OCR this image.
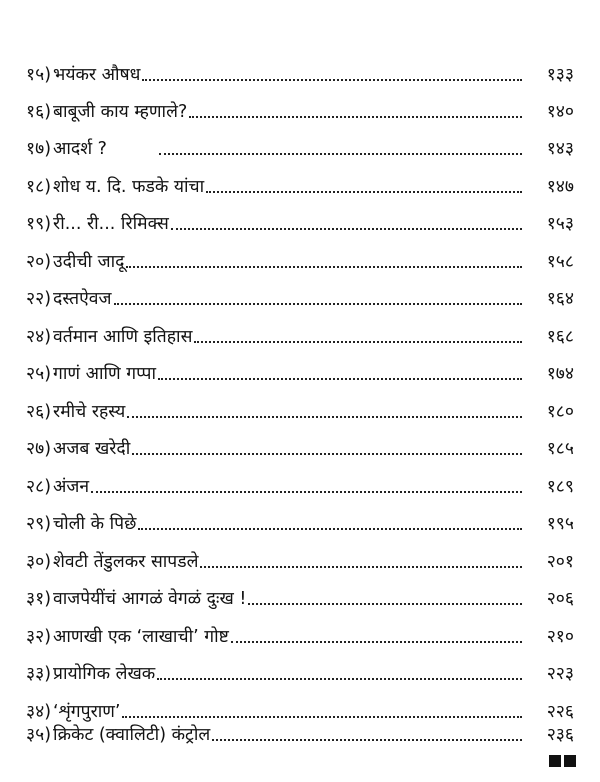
१५) भयंकर औषध	१३३
१६) बाबूजी काय म्हणाले?	१४०
१७) आदर्श ?	१४३
१८) शोध य. दि. फडके यांचा	१४७
१९) री... री... रिमिक्स	१५३
२०) उदीची जादू	१५८
२२) दस्तऐवज	१६४
२४) वर्तमान आणि इतिहास	१६८
२५) गाणं आणि गप्पा	१७४
२६) रमीचे रहस्य	१८०
२७) अजब खरेदी	१८५
२८) अंजन	१८९
२९) चोली के पिछे	१९५
३०) शेवटी तेंडुलकर सापडले	२०१
३१) वाजपेयींचं आगळं वेगळं दुःख !	२०६
३२) आणखी एक ‘लाखाची’ गोष्ट	२१०
३३) प्रायोगिक लेखक	२२३
३४) ‘शृंगपुराण’	२२६
३५) क्रिकेट (क्वालिटी) कंट्रोल	२३६
